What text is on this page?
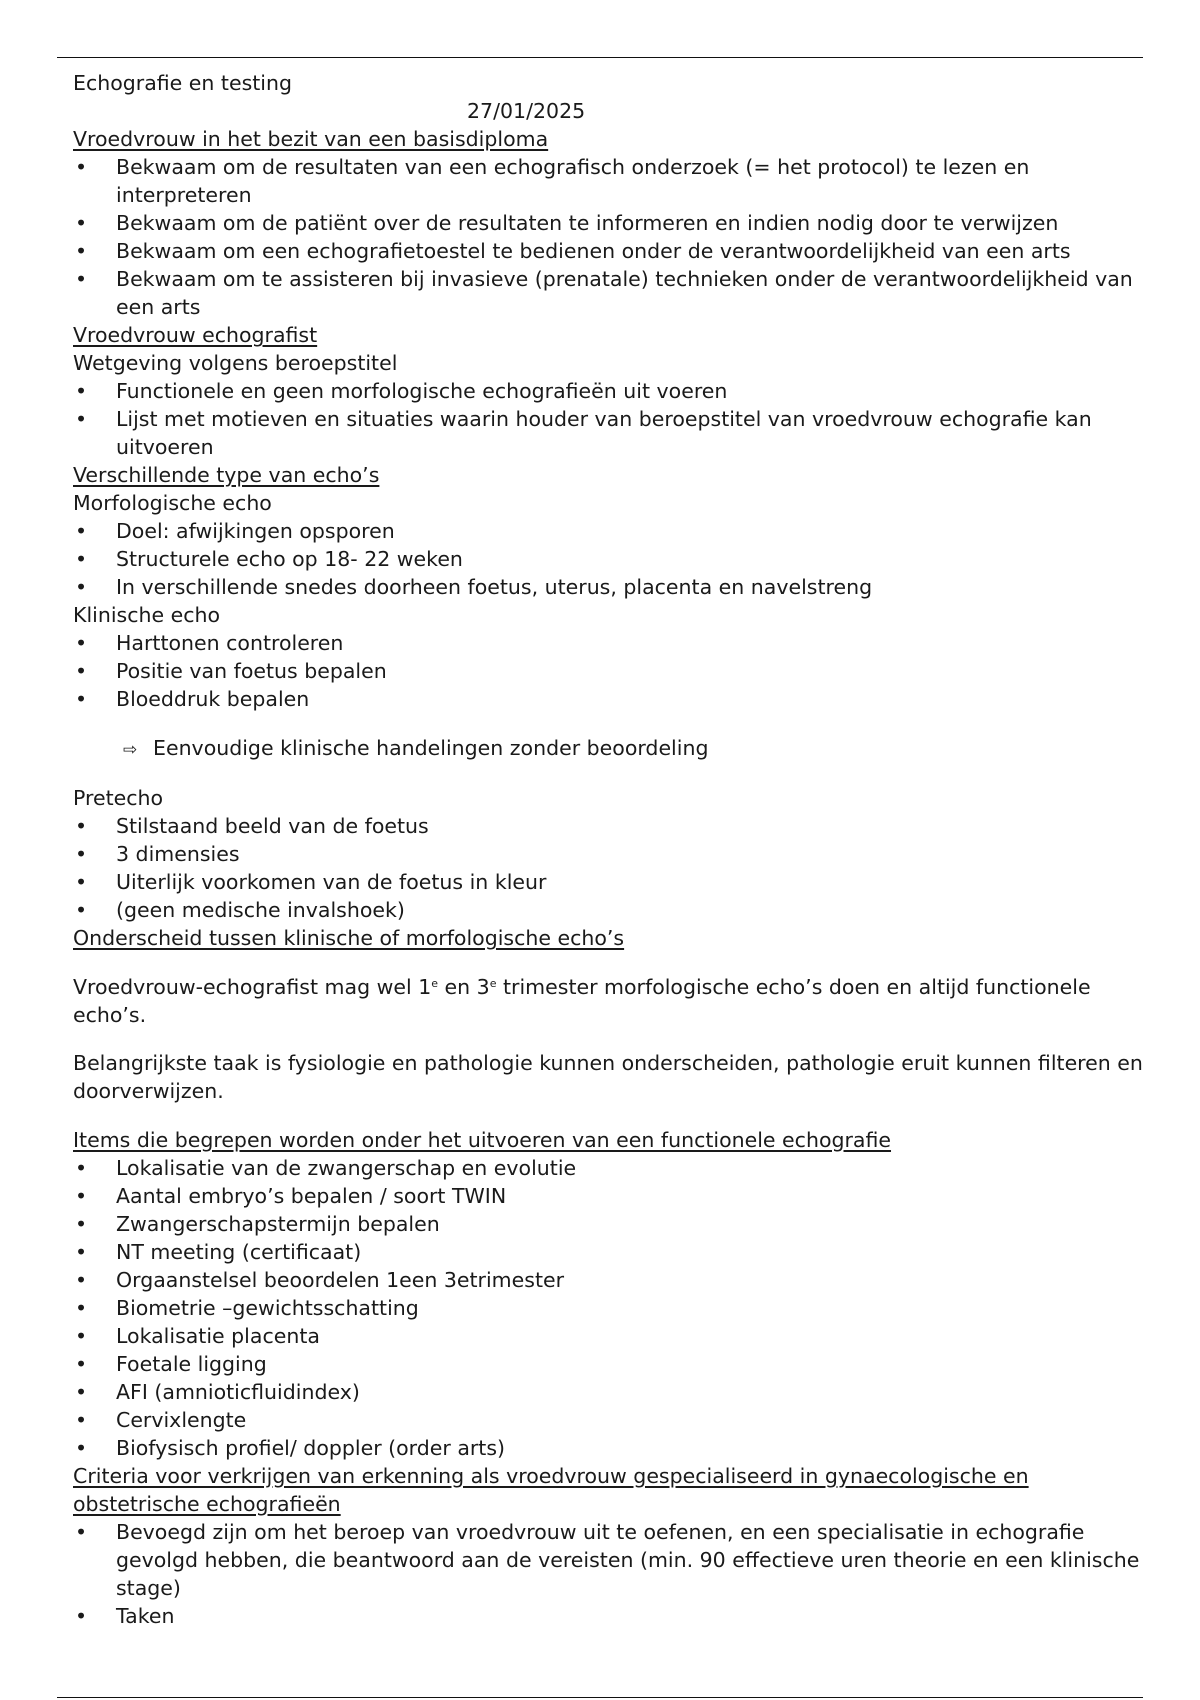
Echografie en testing

27/01/2025

Vroedvrouw in het bezit van een basisdiploma

• Bekwaam om de resultaten van een echografisch onderzoek (= het protocol) te lezen en interpreteren
• Bekwaam om de patiënt over de resultaten te informeren en indien nodig door te verwijzen
• Bekwaam om een echografietoestel te bedienen onder de verantwoordelijkheid van een arts
• Bekwaam om te assisteren bij invasieve (prenatale) technieken onder de verantwoordelijkheid van een arts

Vroedvrouw echografist

Wetgeving volgens beroepstitel

• Functionele en geen morfologische echografieën uit voeren
• Lijst met motieven en situaties waarin houder van beroepstitel van vroedvrouw echografie kan uitvoeren

Verschillende type van echo’s

Morfologische echo

• Doel: afwijkingen opsporen
• Structurele echo op 18- 22 weken
• In verschillende snedes doorheen foetus, uterus, placenta en navelstreng

Klinische echo

• Harttonen controleren
• Positie van foetus bepalen
• Bloeddruk bepalen

⇨ Eenvoudige klinische handelingen zonder beoordeling

Pretecho

• Stilstaand beeld van de foetus
• 3 dimensies
• Uiterlijk voorkomen van de foetus in kleur
• (geen medische invalshoek)

Onderscheid tussen klinische of morfologische echo’s

Vroedvrouw-echografist mag wel 1e en 3e trimester morfologische echo’s doen en altijd functionele echo’s.

Belangrijkste taak is fysiologie en pathologie kunnen onderscheiden, pathologie eruit kunnen filteren en doorverwijzen.

Items die begrepen worden onder het uitvoeren van een functionele echografie

• Lokalisatie van de zwangerschap en evolutie
• Aantal embryo’s bepalen / soort TWIN
• Zwangerschapstermijn bepalen
• NT meeting (certificaat)
• Orgaanstelsel beoordelen 1een 3etrimester
• Biometrie –gewichtsschatting
• Lokalisatie placenta
• Foetale ligging
• AFI (amnioticfluidindex)
• Cervixlengte
• Biofysisch profiel/ doppler (order arts)

Criteria voor verkrijgen van erkenning als vroedvrouw gespecialiseerd in gynaecologische en

obstetrische echografieën

• Bevoegd zijn om het beroep van vroedvrouw uit te oefenen, en een specialisatie in echografie gevolgd hebben, die beantwoord aan de vereisten (min. 90 effectieve uren theorie en een klinische stage)
• Taken
